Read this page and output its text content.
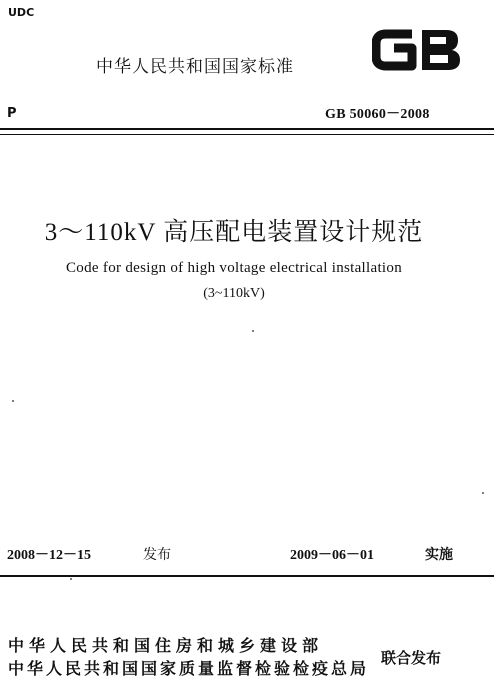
UDC
中华人民共和国国家标准
P	GB 50060－2008
3～110kV 高压配电装置设计规范
Code for design of high voltage electrical installation
(3~110kV)
2008－12－15	发布	2009－06－01	实施
中华人民共和国住房和城乡建设部
中华人民共和国国家质量监督检验检疫总局
联合发布
